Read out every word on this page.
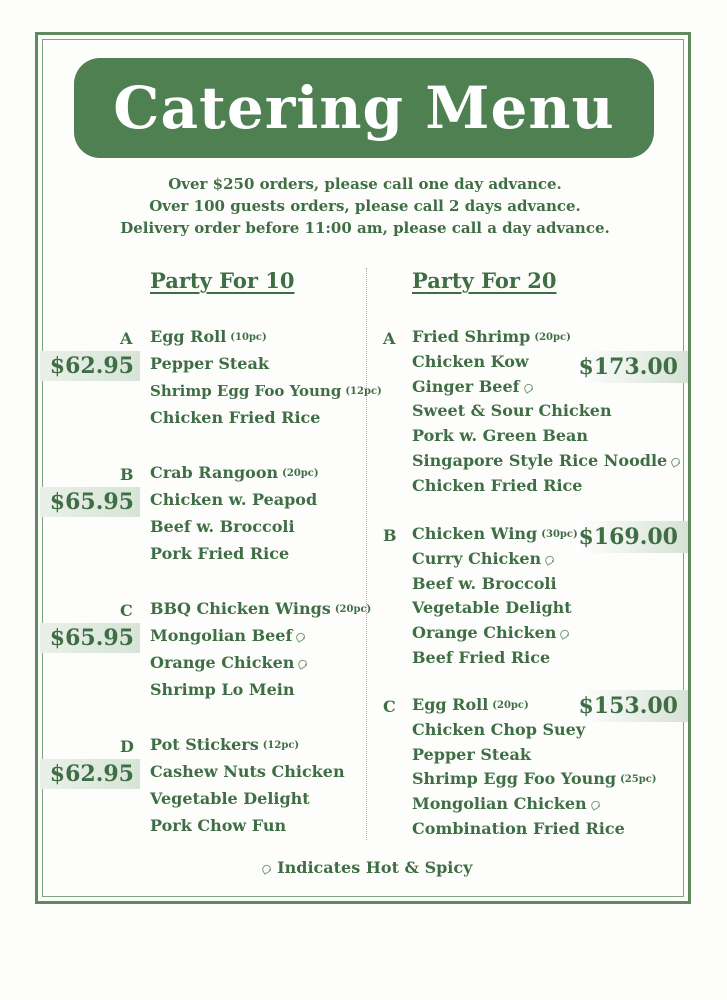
Catering Menu
Over $250 orders, please call one day advance.
Over 100 guests orders, please call 2 days advance.
Delivery order before 11:00 am, please call a day advance.
Party For 10	Party For 20
A
$62.95
Egg Roll (10pc)
Pepper Steak
Shrimp Egg Foo Young (12pc)
Chicken Fried Rice
B
$65.95
Crab Rangoon (20pc)
Chicken w. Peapod
Beef w. Broccoli
Pork Fried Rice
C
$65.95
BBQ Chicken Wings (20pc)
Mongolian Beef
Orange Chicken
Shrimp Lo Mein
D
$62.95
Pot Stickers (12pc)
Cashew Nuts Chicken
Vegetable Delight
Pork Chow Fun
A
$173.00
Fried Shrimp (20pc)
Chicken Kow
Ginger Beef
Sweet & Sour Chicken
Pork w. Green Bean
Singapore Style Rice Noodle
Chicken Fried Rice
B	$169.00
Chicken Wing (30pc)
Curry Chicken
Beef w. Broccoli
Vegetable Delight
Orange Chicken
Beef Fried Rice
C	$153.00
Egg Roll (20pc)
Chicken Chop Suey
Pepper Steak
Shrimp Egg Foo Young (25pc)
Mongolian Chicken
Combination Fried Rice
Indicates Hot & Spicy
